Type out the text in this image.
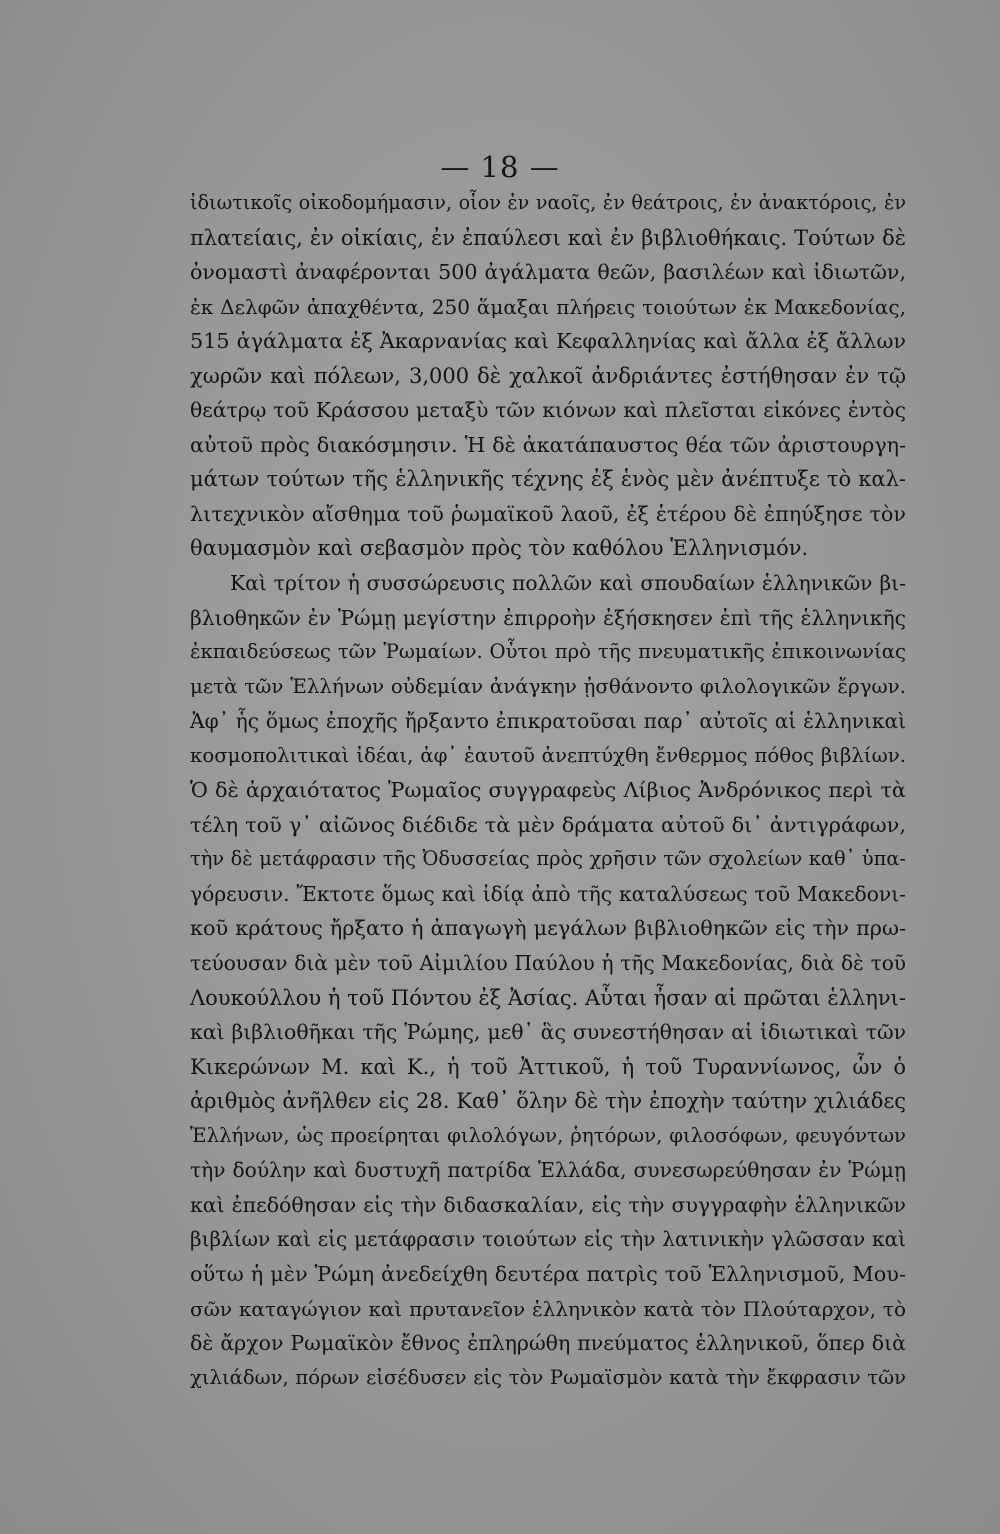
— 18 —
ἰδιωτικοῖς οἰκοδομήμασιν, οἷον ἐν ναοῖς, ἐν θεάτροις, ἐν ἀνακτόροις, ἐν
πλατείαις, ἐν οἰκίαις, ἐν ἐπαύλεσι καὶ ἐν βιβλιοθήκαις. Τούτων δὲ
ὀνομαστὶ ἀναφέρονται 500 ἀγάλματα θεῶν, βασιλέων καὶ ἰδιωτῶν,
ἐκ Δελφῶν ἀπαχθέντα, 250 ἅμαξαι πλήρεις τοιούτων ἐκ Μακεδονίας,
515 ἀγάλματα ἐξ Ἀκαρνανίας καὶ Κεφαλληνίας καὶ ἄλλα ἐξ ἄλλων
χωρῶν καὶ πόλεων, 3,000 δὲ χαλκοῖ ἀνδριάντες ἐστήθησαν ἐν τῷ
θεάτρῳ τοῦ Κράσσου μεταξὺ τῶν κιόνων καὶ πλεῖσται εἰκόνες ἐντὸς
αὐτοῦ πρὸς διακόσμησιν. Ἡ δὲ ἀκατάπαυστος θέα τῶν ἀριστουργη-
μάτων τούτων τῆς ἑλληνικῆς τέχνης ἐξ ἑνὸς μὲν ἀνέπτυξε τὸ καλ-
λιτεχνικὸν αἴσθημα τοῦ ῥωμαϊκοῦ λαοῦ, ἐξ ἑτέρου δὲ ἐπηύξησε τὸν
θαυμασμὸν καὶ σεβασμὸν πρὸς τὸν καθόλου Ἑλληνισμόν.
Καὶ τρίτον ἡ συσσώρευσις πολλῶν καὶ σπουδαίων ἑλληνικῶν βι-
βλιοθηκῶν ἐν Ῥώμῃ μεγίστην ἐπιρροὴν ἐξήσκησεν ἐπὶ τῆς ἑλληνικῆς
ἐκπαιδεύσεως τῶν Ῥωμαίων. Οὗτοι πρὸ τῆς πνευματικῆς ἐπικοινωνίας
μετὰ τῶν Ἑλλήνων οὐδεμίαν ἀνάγκην ᾐσθάνοντο φιλολογικῶν ἔργων.
Ἀφ᾽ ἧς ὅμως ἐποχῆς ἤρξαντο ἐπικρατοῦσαι παρ᾽ αὐτοῖς αἱ ἑλληνικαὶ
κοσμοπολιτικαὶ ἰδέαι, ἀφ᾽ ἑαυτοῦ ἀνεπτύχθη ἔνθερμος πόθος βιβλίων.
Ὁ δὲ ἀρχαιότατος Ῥωμαῖος συγγραφεὺς Λίβιος Ἀνδρόνικος περὶ τὰ
τέλη τοῦ γ᾽ αἰῶνος διέδιδε τὰ μὲν δράματα αὐτοῦ δι᾽ ἀντιγράφων,
τὴν δὲ μετάφρασιν τῆς Ὀδυσσείας πρὸς χρῆσιν τῶν σχολείων καθ᾽ ὑπα-
γόρευσιν. Ἔκτοτε ὅμως καὶ ἰδίᾳ ἀπὸ τῆς καταλύσεως τοῦ Μακεδονι-
κοῦ κράτους ἤρξατο ἡ ἀπαγωγὴ μεγάλων βιβλιοθηκῶν εἰς τὴν πρω-
τεύουσαν διὰ μὲν τοῦ Αἰμιλίου Παύλου ἡ τῆς Μακεδονίας, διὰ δὲ τοῦ
Λουκούλλου ἡ τοῦ Πόντου ἐξ Ἀσίας. Αὗται ἦσαν αἱ πρῶται ἑλληνι-
καὶ βιβλιοθῆκαι τῆς Ῥώμης, μεθ᾽ ἃς συνεστήθησαν αἱ ἰδιωτικαὶ τῶν
Κικερώνων Μ. καὶ Κ., ἡ τοῦ Ἀττικοῦ, ἡ τοῦ Τυραννίωνος, ὧν ὁ
ἀριθμὸς ἀνῆλθεν εἰς 28. Καθ᾽ ὅλην δὲ τὴν ἐποχὴν ταύτην χιλιάδες
Ἑλλήνων, ὡς προείρηται φιλολόγων, ῥητόρων, φιλοσόφων, φευγόντων
τὴν δούλην καὶ δυστυχῆ πατρίδα Ἑλλάδα, συνεσωρεύθησαν ἐν Ῥώμῃ
καὶ ἐπεδόθησαν εἰς τὴν διδασκαλίαν, εἰς τὴν συγγραφὴν ἑλληνικῶν
βιβλίων καὶ εἰς μετάφρασιν τοιούτων εἰς τὴν λατινικὴν γλῶσσαν καὶ
οὕτω ἡ μὲν Ῥώμη ἀνεδείχθη δευτέρα πατρὶς τοῦ Ἑλληνισμοῦ, Μου-
σῶν καταγώγιον καὶ πρυτανεῖον ἑλληνικὸν κατὰ τὸν Πλούταρχον, τὸ
δὲ ἄρχον Ρωμαϊκὸν ἔθνος ἐπληρώθη πνεύματος ἑλληνικοῦ, ὅπερ διὰ
χιλιάδων, πόρων εἰσέδυσεν εἰς τὸν Ρωμαϊσμὸν κατὰ τὴν ἔκφρασιν τῶν
